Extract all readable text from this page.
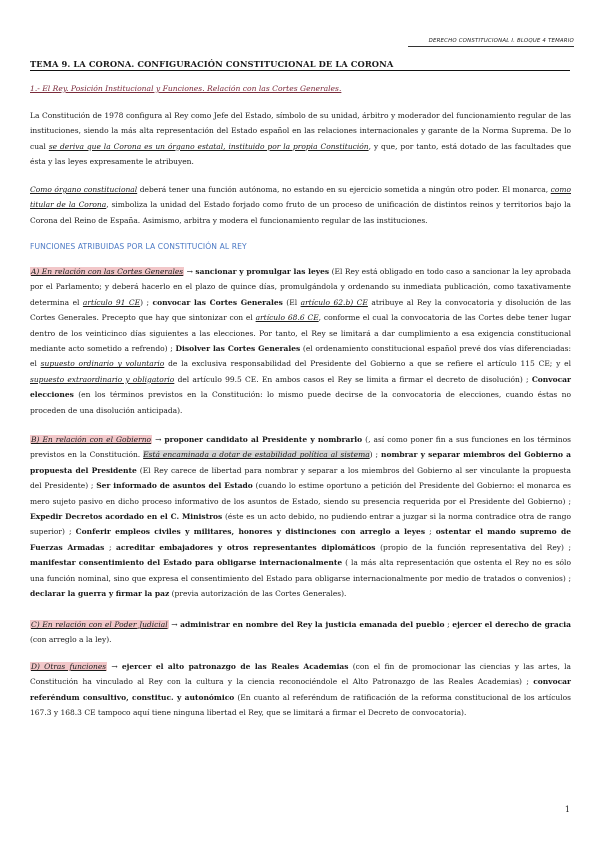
DERECHO CONSTITUCIONAL I. BLOQUE 4 TEMARIO
TEMA 9. LA CORONA. CONFIGURACIÓN CONSTITUCIONAL DE LA CORONA
1.- El Rey. Posición Institucional y Funciones. Relación con las Cortes Generales.

La Constitución de 1978 configura al Rey como Jefe del Estado, símbolo de su unidad, árbitro y moderador del funcionamiento regular de las instituciones, siendo la más alta representación del Estado español en las relaciones internacionales y garante de la Norma Suprema. De lo cual se deriva que la Corona es un órgano estatal, instituido por la propia Constitución, y que, por tanto, está dotado de las facultades que ésta y las leyes expresamente le atribuyen.

Como órgano constitucional deberá tener una función autónoma, no estando en su ejercicio sometida a ningún otro poder. El monarca, como titular de la Corona, simboliza la unidad del Estado forjado como fruto de un proceso de unificación de distintos reinos y territorios bajo la Corona del Reino de España. Asimismo, arbitra y modera el funcionamiento regular de las instituciones.

FUNCIONES ATRIBUIDAS POR LA CONSTITUCIÓN AL REY

A) En relación con las Cortes Generales → sancionar y promulgar las leyes (El Rey está obligado en todo caso a sancionar la ley aprobada por el Parlamento; y deberá hacerlo en el plazo de quince días, promulgándola y ordenando su inmediata publicación, como taxativamente determina el artículo 91 CE) ; convocar las Cortes Generales (El artículo 62.b) CE atribuye al Rey la convocatoria y disolución de las Cortes Generales. Precepto que hay que sintonizar con el artículo 68.6 CE, conforme el cual la convocatoria de las Cortes debe tener lugar dentro de los veinticinco días siguientes a las elecciones. Por tanto, el Rey se limitará a dar cumplimiento a esa exigencia constitucional mediante acto sometido a refrendo) ; Disolver las Cortes Generales (el ordenamiento constitucional español prevé dos vías diferenciadas: el supuesto ordinario y voluntario de la exclusiva responsabilidad del Presidente del Gobierno a que se refiere el artículo 115 CE; y el supuesto extraordinario y obligatorio del artículo 99.5 CE. En ambos casos el Rey se limita a firmar el decreto de disolución) ; Convocar elecciones (en los términos previstos en la Constitución: lo mismo puede decirse de la convocatoria de elecciones, cuando éstas no proceden de una disolución anticipada).

B) En relación con el Gobierno → proponer candidato al Presidente y nombrarlo (, así como poner fin a sus funciones en los términos previstos en la Constitución. Está encaminada a dotar de estabilidad política al sistema) ; nombrar y separar miembros del Gobierno a propuesta del Presidente (El Rey carece de libertad para nombrar y separar a los miembros del Gobierno al ser vinculante la propuesta del Presidente) ; Ser informado de asuntos del Estado (cuando lo estime oportuno a petición del Presidente del Gobierno: el monarca es mero sujeto pasivo en dicho proceso informativo de los asuntos de Estado, siendo su presencia requerida por el Presidente del Gobierno) ; Expedir Decretos acordado en el C. Ministros (éste es un acto debido, no pudiendo entrar a juzgar si la norma contradice otra de rango superior) ; Conferir empleos civiles y militares, honores y distinciones con arreglo a leyes ; ostentar el mando supremo de Fuerzas Armadas ; acreditar embajadores y otros representantes diplomáticos (propio de la función representativa del Rey) ; manifestar consentimiento del Estado para obligarse internacionalmente ( la más alta representación que ostenta el Rey no es sólo una función nominal, sino que expresa el consentimiento del Estado para obligarse internacionalmente por medio de tratados o convenios) ; declarar la guerra y firmar la paz (previa autorización de las Cortes Generales).

C) En relación con el Poder Judicial → administrar en nombre del Rey la justicia emanada del pueblo ; ejercer el derecho de gracia (con arreglo a la ley).

D) Otras funciones → ejercer el alto patronazgo de las Reales Academias (con el fin de promocionar las ciencias y las artes, la Constitución ha vinculado al Rey con la cultura y la ciencia reconociéndole el Alto Patronazgo de las Reales Academias) ; convocar referéndum consultivo, constituc. y autonómico (En cuanto al referéndum de ratificación de la reforma constitucional de los artículos 167.3 y 168.3 CE tampoco aquí tiene ninguna libertad el Rey, que se limitará a firmar el Decreto de convocatoria).

1
